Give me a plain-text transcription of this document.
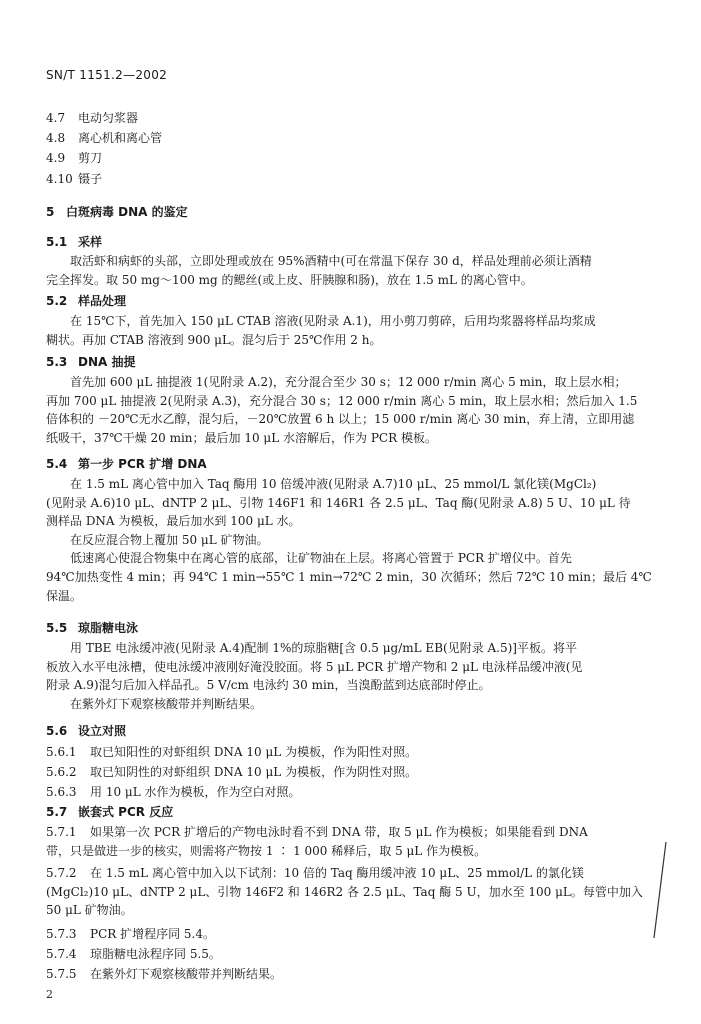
SN/T 1151.2—2002
4.7 电动匀浆器
4.8 离心机和离心管
4.9 剪刀
4.10 镊子
5 白斑病毒 DNA 的鉴定
5.1 采样
取活虾和病虾的头部，立即处理或放在 95%酒精中(可在常温下保存 30 d，样品处理前必须让酒精
完全挥发。取 50 mg～100 mg 的鳃丝(或上皮、肝胰腺和肠)，放在 1.5 mL 的离心管中。
5.2 样品处理
在 15℃下，首先加入 150 μL CTAB 溶液(见附录 A.1)，用小剪刀剪碎，后用均浆器将样品均浆成
糊状。再加 CTAB 溶液到 900 μL。混匀后于 25℃作用 2 h。
5.3 DNA 抽提
首先加 600 μL 抽提液 1(见附录 A.2)，充分混合至少 30 s；12 000 r/min 离心 5 min，取上层水相；
再加 700 μL 抽提液 2(见附录 A.3)，充分混合 30 s；12 000 r/min 离心 5 min，取上层水相；然后加入 1.5
倍体积的 －20℃无水乙醇，混匀后，－20℃放置 6 h 以上；15 000 r/min 离心 30 min，弃上清，立即用滤
纸吸干，37℃干燥 20 min；最后加 10 μL 水溶解后，作为 PCR 模板。
5.4 第一步 PCR 扩增 DNA
在 1.5 mL 离心管中加入 Taq 酶用 10 倍缓冲液(见附录 A.7)10 μL、25 mmol/L 氯化镁(MgCl₂)
(见附录 A.6)10 μL、dNTP 2 μL、引物 146F1 和 146R1 各 2.5 μL、Taq 酶(见附录 A.8) 5 U、10 μL 待
测样品 DNA 为模板，最后加水到 100 μL 水。
在反应混合物上覆加 50 μL 矿物油。
低速离心使混合物集中在离心管的底部，让矿物油在上层。将离心管置于 PCR 扩增仪中。首先
94℃加热变性 4 min；再 94℃ 1 min→55℃ 1 min→72℃ 2 min，30 次循环；然后 72℃ 10 min；最后 4℃
保温。
5.5 琼脂糖电泳
用 TBE 电泳缓冲液(见附录 A.4)配制 1%的琼脂糖[含 0.5 μg/mL EB(见附录 A.5)]平板。将平
板放入水平电泳槽，使电泳缓冲液刚好淹没胶面。将 5 μL PCR 扩增产物和 2 μL 电泳样品缓冲液(见
附录 A.9)混匀后加入样品孔。5 V/cm 电泳约 30 min，当溴酚蓝到达底部时停止。
在紫外灯下观察核酸带并判断结果。
5.6 设立对照
5.6.1 取已知阳性的对虾组织 DNA 10 μL 为模板，作为阳性对照。
5.6.2 取已知阴性的对虾组织 DNA 10 μL 为模板，作为阴性对照。
5.6.3 用 10 μL 水作为模板，作为空白对照。
5.7 嵌套式 PCR 反应
5.7.1 如果第一次 PCR 扩增后的产物电泳时看不到 DNA 带，取 5 μL 作为模板；如果能看到 DNA
带，只是做进一步的核实，则需将产物按 1 ∶ 1 000 稀释后，取 5 μL 作为模板。
5.7.2 在 1.5 mL 离心管中加入以下试剂：10 倍的 Taq 酶用缓冲液 10 μL、25 mmol/L 的氯化镁
(MgCl₂)10 μL、dNTP 2 μL、引物 146F2 和 146R2 各 2.5 μL、Taq 酶 5 U，加水至 100 μL。每管中加入
50 μL 矿物油。
5.7.3 PCR 扩增程序同 5.4。
5.7.4 琼脂糖电泳程序同 5.5。
5.7.5 在紫外灯下观察核酸带并判断结果。
2
